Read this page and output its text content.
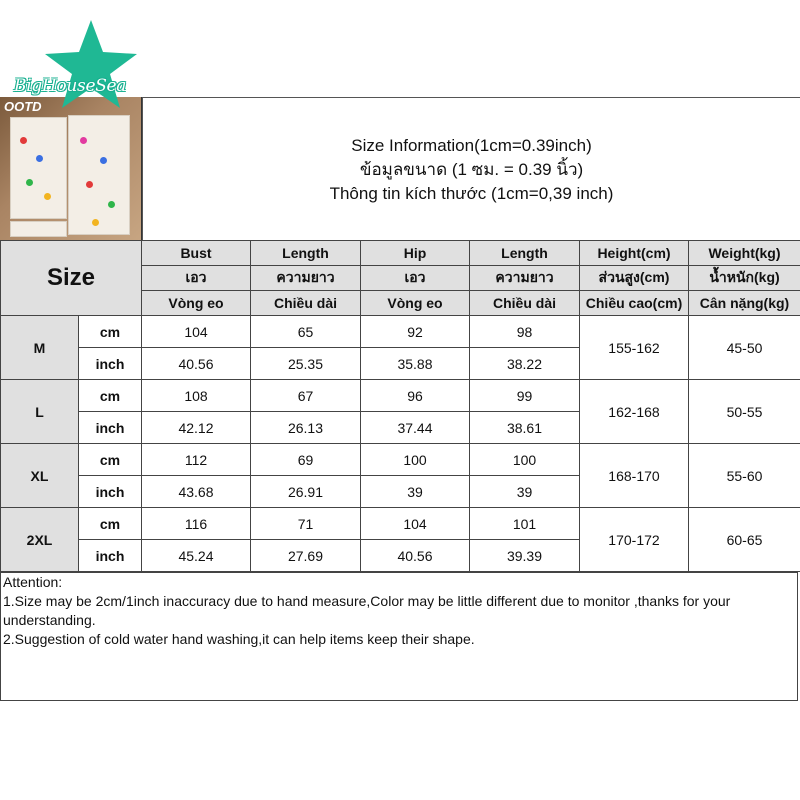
OOTD
BigHouseSea
Size Information(1cm=0.39inch)
ข้อมูลขนาด (1 ซม. = 0.39 นิ้ว)
Thông tin kích thước (1cm=0,39 inch)
Size		Bust	Length	Hip	Length	Height(cm)	Weight(kg)
		เอว	ความยาว	เอว	ความยาว	ส่วนสูง(cm)	น้ำหนัก(kg)
		Vòng eo	Chiều dài	Vòng eo	Chiều dài	Chiều cao(cm)	Cân nặng(kg)
M	cm	104	65	92	98	155-162	45-50
	inch	40.56	25.35	35.88	38.22		
L	cm	108	67	96	99	162-168	50-55
	inch	42.12	26.13	37.44	38.61		
XL	cm	112	69	100	100	168-170	55-60
	inch	43.68	26.91	39	39		
2XL	cm	116	71	104	101	170-172	60-65
	inch	45.24	27.69	40.56	39.39		

Attention:

1.Size may be 2cm/1inch inaccuracy due to hand measure,Color may be little different due to monitor ,thanks for your understanding.

2.Suggestion of cold water hand washing,it can help items keep their shape.
